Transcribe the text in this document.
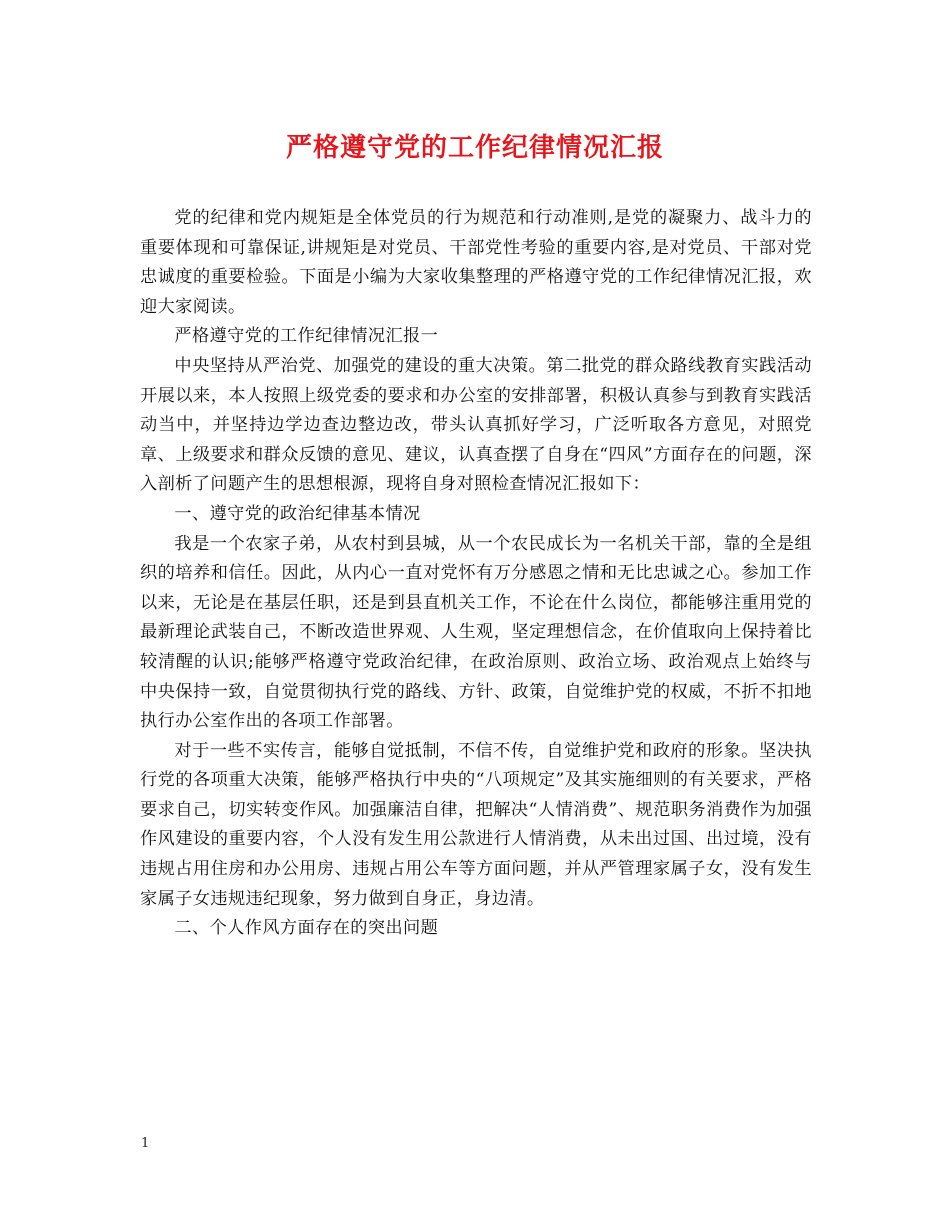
严格遵守党的工作纪律情况汇报

党的纪律和党内规矩是全体党员的行为规范和行动准则,是党的凝聚力、战斗力的重要体现和可靠保证,讲规矩是对党员、干部党性考验的重要内容,是对党员、干部对党忠诚度的重要检验。下面是小编为大家收集整理的严格遵守党的工作纪律情况汇报，欢迎大家阅读。

严格遵守党的工作纪律情况汇报一

中央坚持从严治党、加强党的建设的重大决策。第二批党的群众路线教育实践活动开展以来，本人按照上级党委的要求和办公室的安排部署，积极认真参与到教育实践活动当中，并坚持边学边查边整边改，带头认真抓好学习，广泛听取各方意见，对照党章、上级要求和群众反馈的意见、建议，认真查摆了自身在“四风”方面存在的问题，深入剖析了问题产生的思想根源，现将自身对照检查情况汇报如下：

一、遵守党的政治纪律基本情况

我是一个农家子弟，从农村到县城，从一个农民成长为一名机关干部，靠的全是组织的培养和信任。因此，从内心一直对党怀有万分感恩之情和无比忠诚之心。参加工作以来，无论是在基层任职，还是到县直机关工作，不论在什么岗位，都能够注重用党的最新理论武装自己，不断改造世界观、人生观，坚定理想信念，在价值取向上保持着比较清醒的认识;能够严格遵守党政治纪律，在政治原则、政治立场、政治观点上始终与中央保持一致，自觉贯彻执行党的路线、方针、政策，自觉维护党的权威，不折不扣地执行办公室作出的各项工作部署。

对于一些不实传言，能够自觉抵制，不信不传，自觉维护党和政府的形象。坚决执行党的各项重大决策，能够严格执行中央的“八项规定”及其实施细则的有关要求，严格要求自己，切实转变作风。加强廉洁自律，把解决“人情消费”、规范职务消费作为加强作风建设的重要内容，个人没有发生用公款进行人情消费，从未出过国、出过境，没有违规占用住房和办公用房、违规占用公车等方面问题，并从严管理家属子女，没有发生家属子女违规违纪现象，努力做到自身正，身边清。

二、个人作风方面存在的突出问题

1
